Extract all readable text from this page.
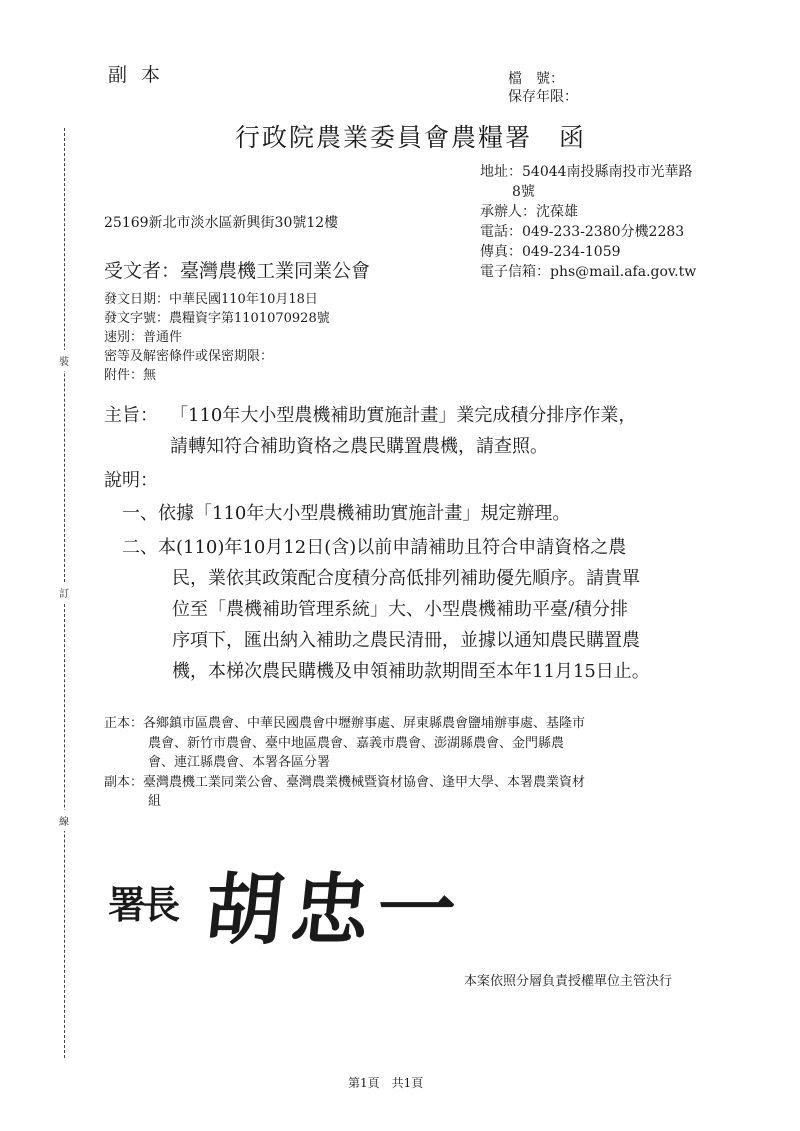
副本	檔　號：
保存年限：
行政院農業委員會農糧署　函
地址：54044南投縣南投市光華路
8號
承辦人：沈葆雄
電話：049-233-2380分機2283
傳真：049-234-1059
電子信箱：phs@mail.afa.gov.tw
25169新北市淡水區新興街30號12樓
受文者：臺灣農機工業同業公會
發文日期：中華民國110年10月18日
發文字號：農糧資字第1101070928號
速別：普通件
密等及解密條件或保密期限：
附件：無
主旨： 「110年大小型農機補助實施計畫」業完成積分排序作業，
請轉知符合補助資格之農民購置農機，請查照。
說明：
一、依據「110年大小型農機補助實施計畫」規定辦理。
二、本(110)年10月12日(含)以前申請補助且符合申請資格之農
民，業依其政策配合度積分高低排列補助優先順序。請貴單
位至「農機補助管理系統」大、小型農機補助平臺/積分排
序項下，匯出納入補助之農民清冊，並據以通知農民購置農
機，本梯次農民購機及申領補助款期間至本年11月15日止。
正本：各鄉鎮市區農會、中華民國農會中壢辦事處、屏東縣農會鹽埔辦事處、基隆市
農會、新竹市農會、臺中地區農會、嘉義市農會、澎湖縣農會、金門縣農
會、連江縣農會、本署各區分署
副本：臺灣農機工業同業公會、臺灣農業機械暨資材協會、逢甲大學、本署農業資材
組
署長 胡忠一
本案依照分層負責授權單位主管決行
第1頁　共1頁
裝
訂
線
